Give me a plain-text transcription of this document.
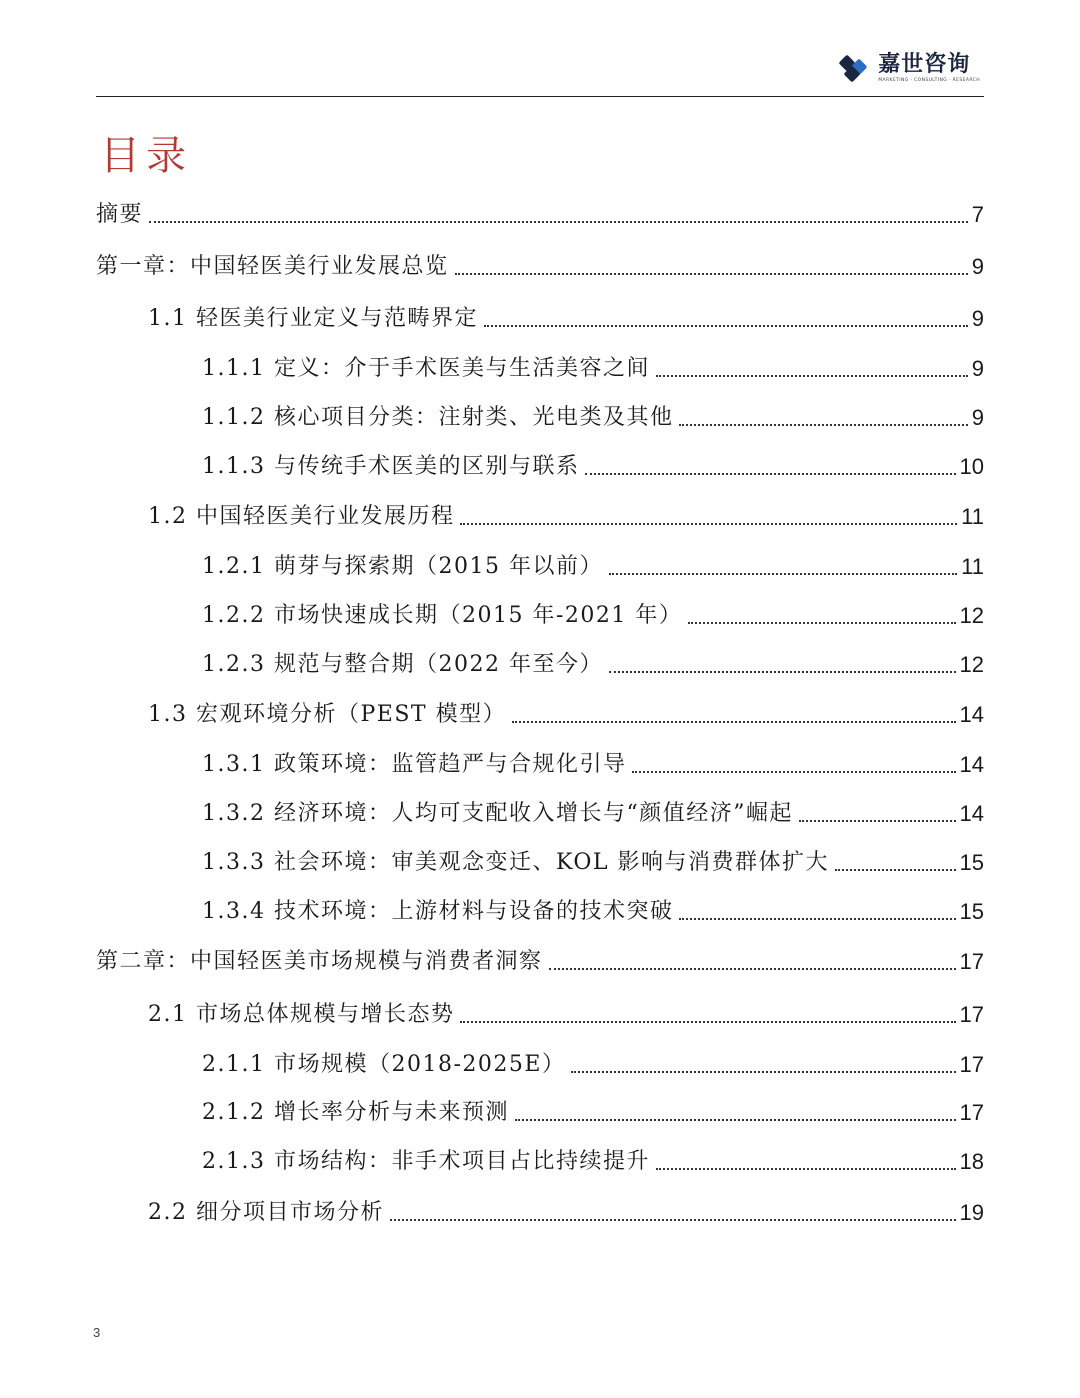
嘉世咨询
MARKETING · CONSULTING · RESEARCH
目录
摘要	7
第一章：中国轻医美行业发展总览	9
1.1 轻医美行业定义与范畴界定	9
1.1.1 定义：介于手术医美与生活美容之间	9
1.1.2 核心项目分类：注射类、光电类及其他	9
1.1.3 与传统手术医美的区别与联系	10
1.2 中国轻医美行业发展历程	11
1.2.1 萌芽与探索期（2015 年以前）	11
1.2.2 市场快速成长期（2015 年-2021 年）	12
1.2.3 规范与整合期（2022 年至今）	12
1.3 宏观环境分析（PEST 模型）	14
1.3.1 政策环境：监管趋严与合规化引导	14
1.3.2 经济环境：人均可支配收入增长与“颜值经济”崛起	14
1.3.3 社会环境：审美观念变迁、KOL 影响与消费群体扩大	15
1.3.4 技术环境：上游材料与设备的技术突破	15
第二章：中国轻医美市场规模与消费者洞察	17
2.1 市场总体规模与增长态势	17
2.1.1 市场规模（2018-2025E）	17
2.1.2 增长率分析与未来预测	17
2.1.3 市场结构：非手术项目占比持续提升	18
2.2 细分项目市场分析	19
3
